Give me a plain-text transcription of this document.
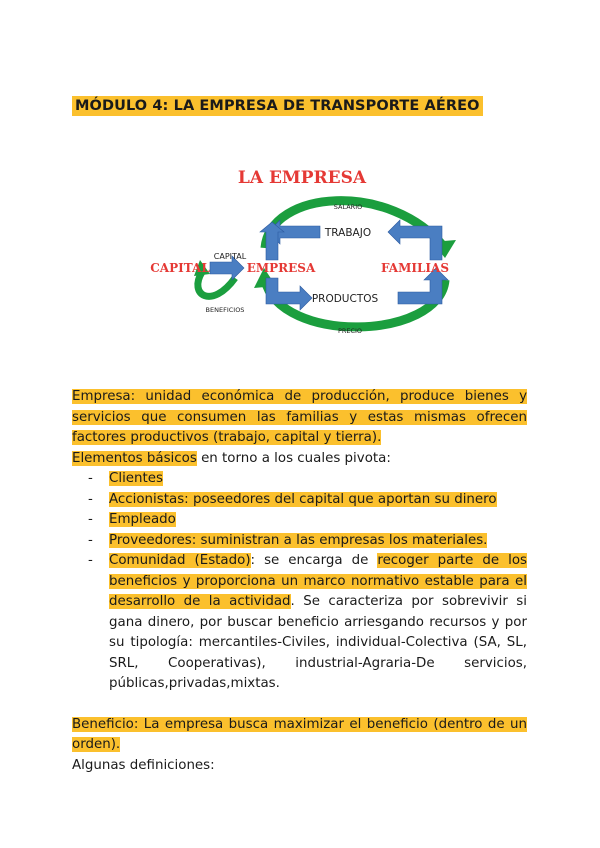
MÓDULO 4: LA EMPRESA DE TRANSPORTE AÉREO
LA EMPRESA
SALARIO
TRABAJO
CAPITAL
CAPITAL	EMPRESA	FAMILIAS
PRODUCTOS
BENEFICIOS
PRECIO

Empresa: unidad económica de producción, produce bienes y servicios que consumen las familias y estas mismas ofrecen factores productivos (trabajo, capital y tierra).

Elementos básicos en torno a los cuales pivota:

- Clientes
- Accionistas: poseedores del capital que aportan su dinero
- Empleado
- Proveedores: suministran a las empresas los materiales.
- Comunidad (Estado): se encarga de recoger parte de los beneficios y proporciona un marco normativo estable para el desarrollo de la actividad. Se caracteriza por sobrevivir si gana dinero, por buscar beneficio arriesgando recursos y por su tipología: mercantiles-Civiles, individual-Colectiva (SA, SL, SRL, Cooperativas), industrial-Agraria-De servicios, públicas,privadas,mixtas.

Beneficio: La empresa busca maximizar el beneficio (dentro de un orden).

Algunas definiciones:
